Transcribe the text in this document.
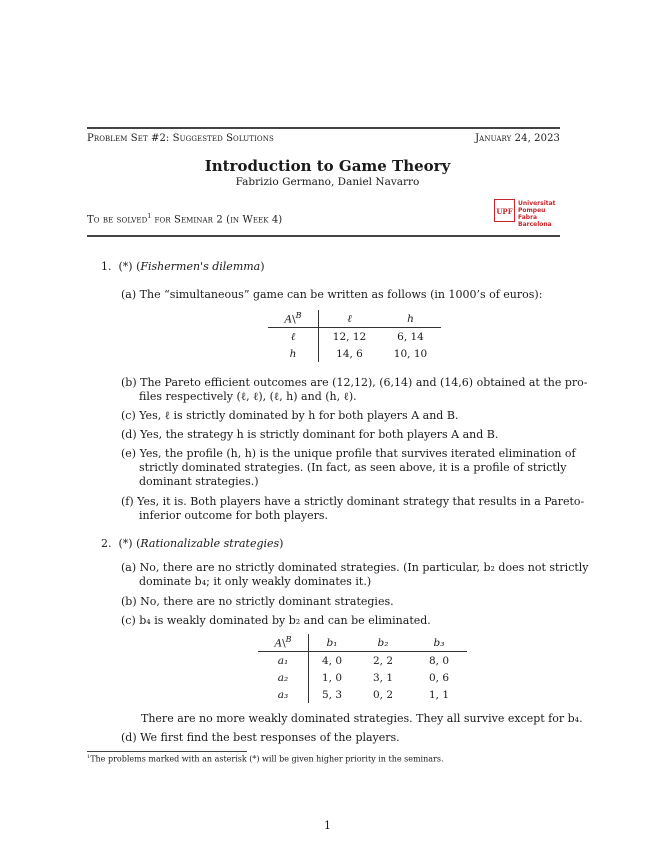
Problem Set #2: Suggested Solutions	January 24, 2023
Introduction to Game Theory
Fabrizio Germano, Daniel Navarro
To be solved$^1$ for Seminar 2 (in Week 4)
UPF
Universitat
Pompeu Fabra
Barcelona
1. (*) (Fishermen's dilemma)
(a) The “simultaneous” game can be written as follows (in 1000’s of euros):
A\$^B$	ℓ	h
ℓ	12, 12	6, 14
h	14, 6	10, 10
(b) The Pareto efficient outcomes are (12,12), (6,14) and (14,6) obtained at the pro-
files respectively (ℓ, ℓ), (ℓ, h) and (h, ℓ).
(c) Yes, ℓ is strictly dominated by h for both players A and B.
(d) Yes, the strategy h is strictly dominant for both players A and B.
(e) Yes, the profile (h, h) is the unique profile that survives iterated elimination of
strictly dominated strategies. (In fact, as seen above, it is a profile of strictly
dominant strategies.)
(f) Yes, it is. Both players have a strictly dominant strategy that results in a Pareto-
inferior outcome for both players.
2. (*) (Rationalizable strategies)
(a) No, there are no strictly dominated strategies. (In particular, b₂ does not strictly
dominate b₄; it only weakly dominates it.)
(b) No, there are no strictly dominant strategies.
(c) b₄ is weakly dominated by b₂ and can be eliminated.
A\$^B$	b₁	b₂	b₃
a₁	4, 0	2, 2	8, 0
a₂	1, 0	3, 1	0, 6
a₃	5, 3	0, 2	1, 1
There are no more weakly dominated strategies. They all survive except for b₄.
(d) We first find the best responses of the players.
$^1$The problems marked with an asterisk (*) will be given higher priority in the seminars.
1
